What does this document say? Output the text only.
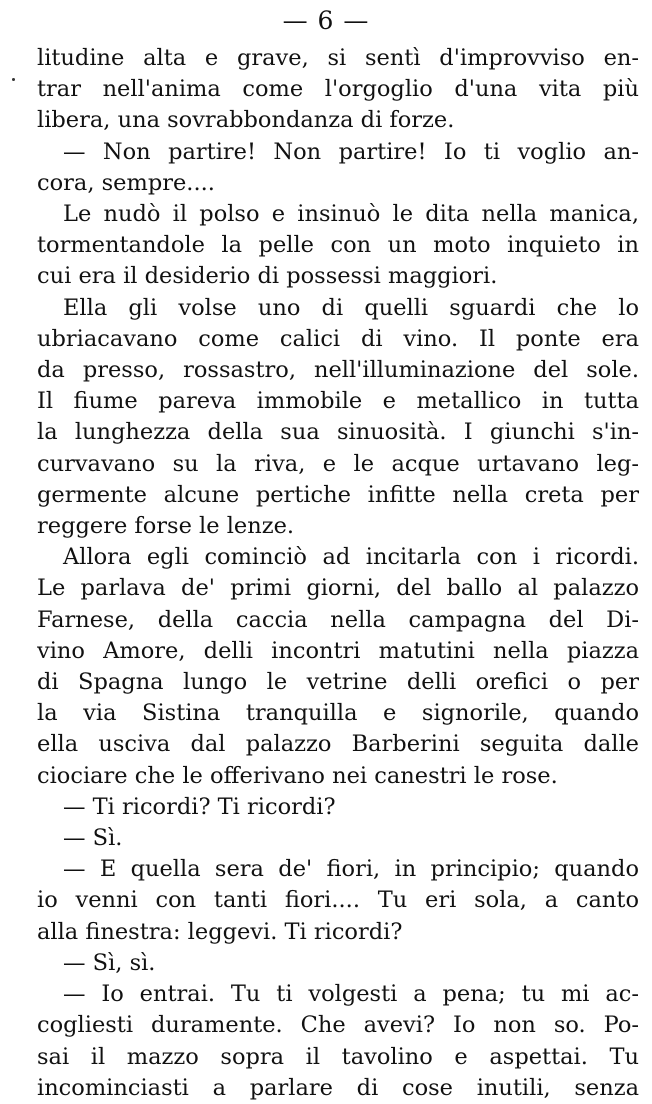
— 6 —

litudine alta e grave, si sentì d'improvviso en-
trar nell'anima come l'orgoglio d'una vita più
libera, una sovrabbondanza di forze.

— Non partire! Non partire! Io ti voglio an-
cora, sempre....

Le nudò il polso e insinuò le dita nella manica,
tormentandole la pelle con un moto inquieto in
cui era il desiderio di possessi maggiori.

Ella gli volse uno di quelli sguardi che lo
ubriacavano come calici di vino. Il ponte era
da presso, rossastro, nell'illuminazione del sole.
Il fiume pareva immobile e metallico in tutta
la lunghezza della sua sinuosità. I giunchi s'in-
curvavano su la riva, e le acque urtavano leg-
germente alcune pertiche infitte nella creta per
reggere forse le lenze.

Allora egli cominciò ad incitarla con i ricordi.
Le parlava de' primi giorni, del ballo al palazzo
Farnese, della caccia nella campagna del Di-
vino Amore, delli incontri matutini nella piazza
di Spagna lungo le vetrine delli orefici o per
la via Sistina tranquilla e signorile, quando
ella usciva dal palazzo Barberini seguita dalle
ciociare che le offerivano nei canestri le rose.

— Ti ricordi? Ti ricordi?

— Sì.

— E quella sera de' fiori, in principio; quando
io venni con tanti fiori.... Tu eri sola, a canto
alla finestra: leggevi. Ti ricordi?

— Sì, sì.

— Io entrai. Tu ti volgesti a pena; tu mi ac-
cogliesti duramente. Che avevi? Io non so. Po-
sai il mazzo sopra il tavolino e aspettai. Tu
incominciasti a parlare di cose inutili, senza
